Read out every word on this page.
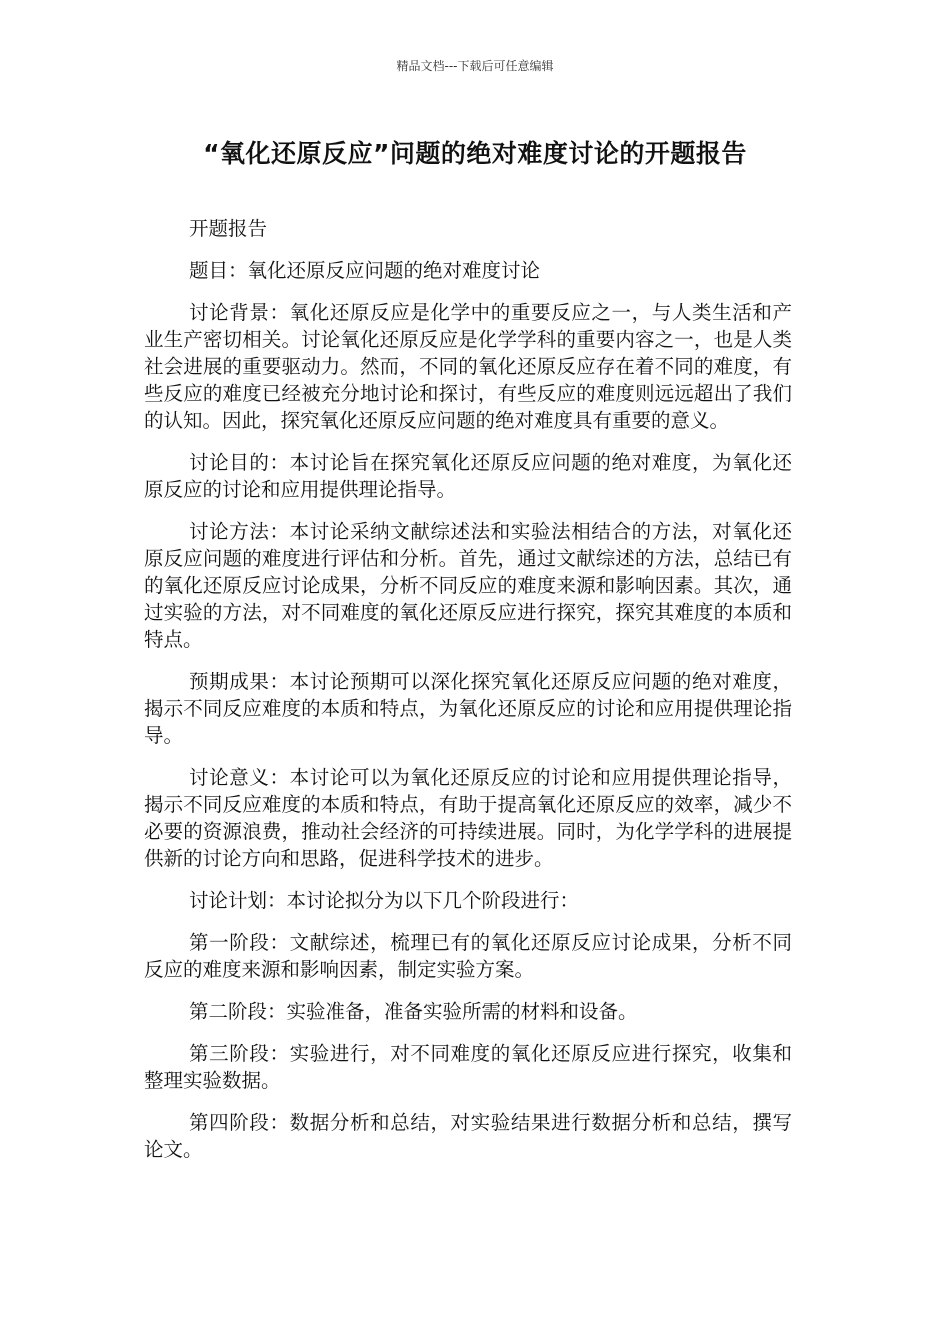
精品文档---下载后可任意编辑
“氧化还原反应”问题的绝对难度讨论的开题报告

开题报告

题目：氧化还原反应问题的绝对难度讨论

讨论背景：氧化还原反应是化学中的重要反应之一，与人类生活和产业生产密切相关。讨论氧化还原反应是化学学科的重要内容之一，也是人类社会进展的重要驱动力。然而，不同的氧化还原反应存在着不同的难度，有些反应的难度已经被充分地讨论和探讨，有些反应的难度则远远超出了我们的认知。因此，探究氧化还原反应问题的绝对难度具有重要的意义。

讨论目的：本讨论旨在探究氧化还原反应问题的绝对难度，为氧化还原反应的讨论和应用提供理论指导。

讨论方法：本讨论采纳文献综述法和实验法相结合的方法，对氧化还原反应问题的难度进行评估和分析。首先，通过文献综述的方法，总结已有的氧化还原反应讨论成果，分析不同反应的难度来源和影响因素。其次，通过实验的方法，对不同难度的氧化还原反应进行探究，探究其难度的本质和特点。

预期成果：本讨论预期可以深化探究氧化还原反应问题的绝对难度，揭示不同反应难度的本质和特点，为氧化还原反应的讨论和应用提供理论指导。

讨论意义：本讨论可以为氧化还原反应的讨论和应用提供理论指导，揭示不同反应难度的本质和特点，有助于提高氧化还原反应的效率，减少不必要的资源浪费，推动社会经济的可持续进展。同时，为化学学科的进展提供新的讨论方向和思路，促进科学技术的进步。

讨论计划：本讨论拟分为以下几个阶段进行：

第一阶段：文献综述，梳理已有的氧化还原反应讨论成果，分析不同反应的难度来源和影响因素，制定实验方案。

第二阶段：实验准备，准备实验所需的材料和设备。

第三阶段：实验进行，对不同难度的氧化还原反应进行探究，收集和整理实验数据。

第四阶段：数据分析和总结，对实验结果进行数据分析和总结，撰写论文。
